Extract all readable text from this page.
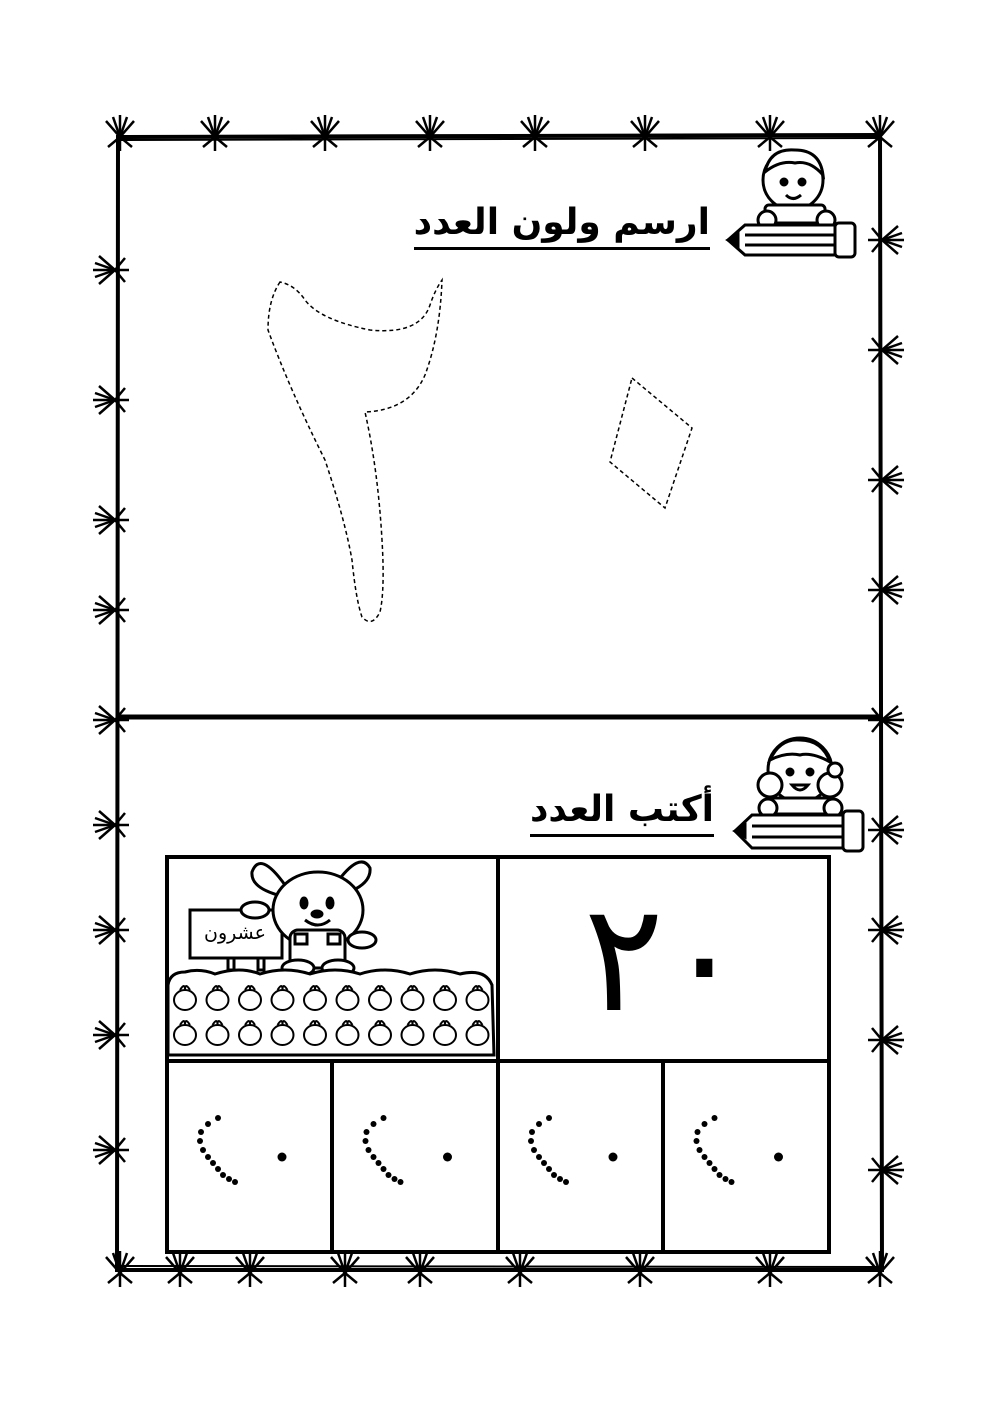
ارسم ولون العدد
أكتب العدد
٢٠
عشرون
